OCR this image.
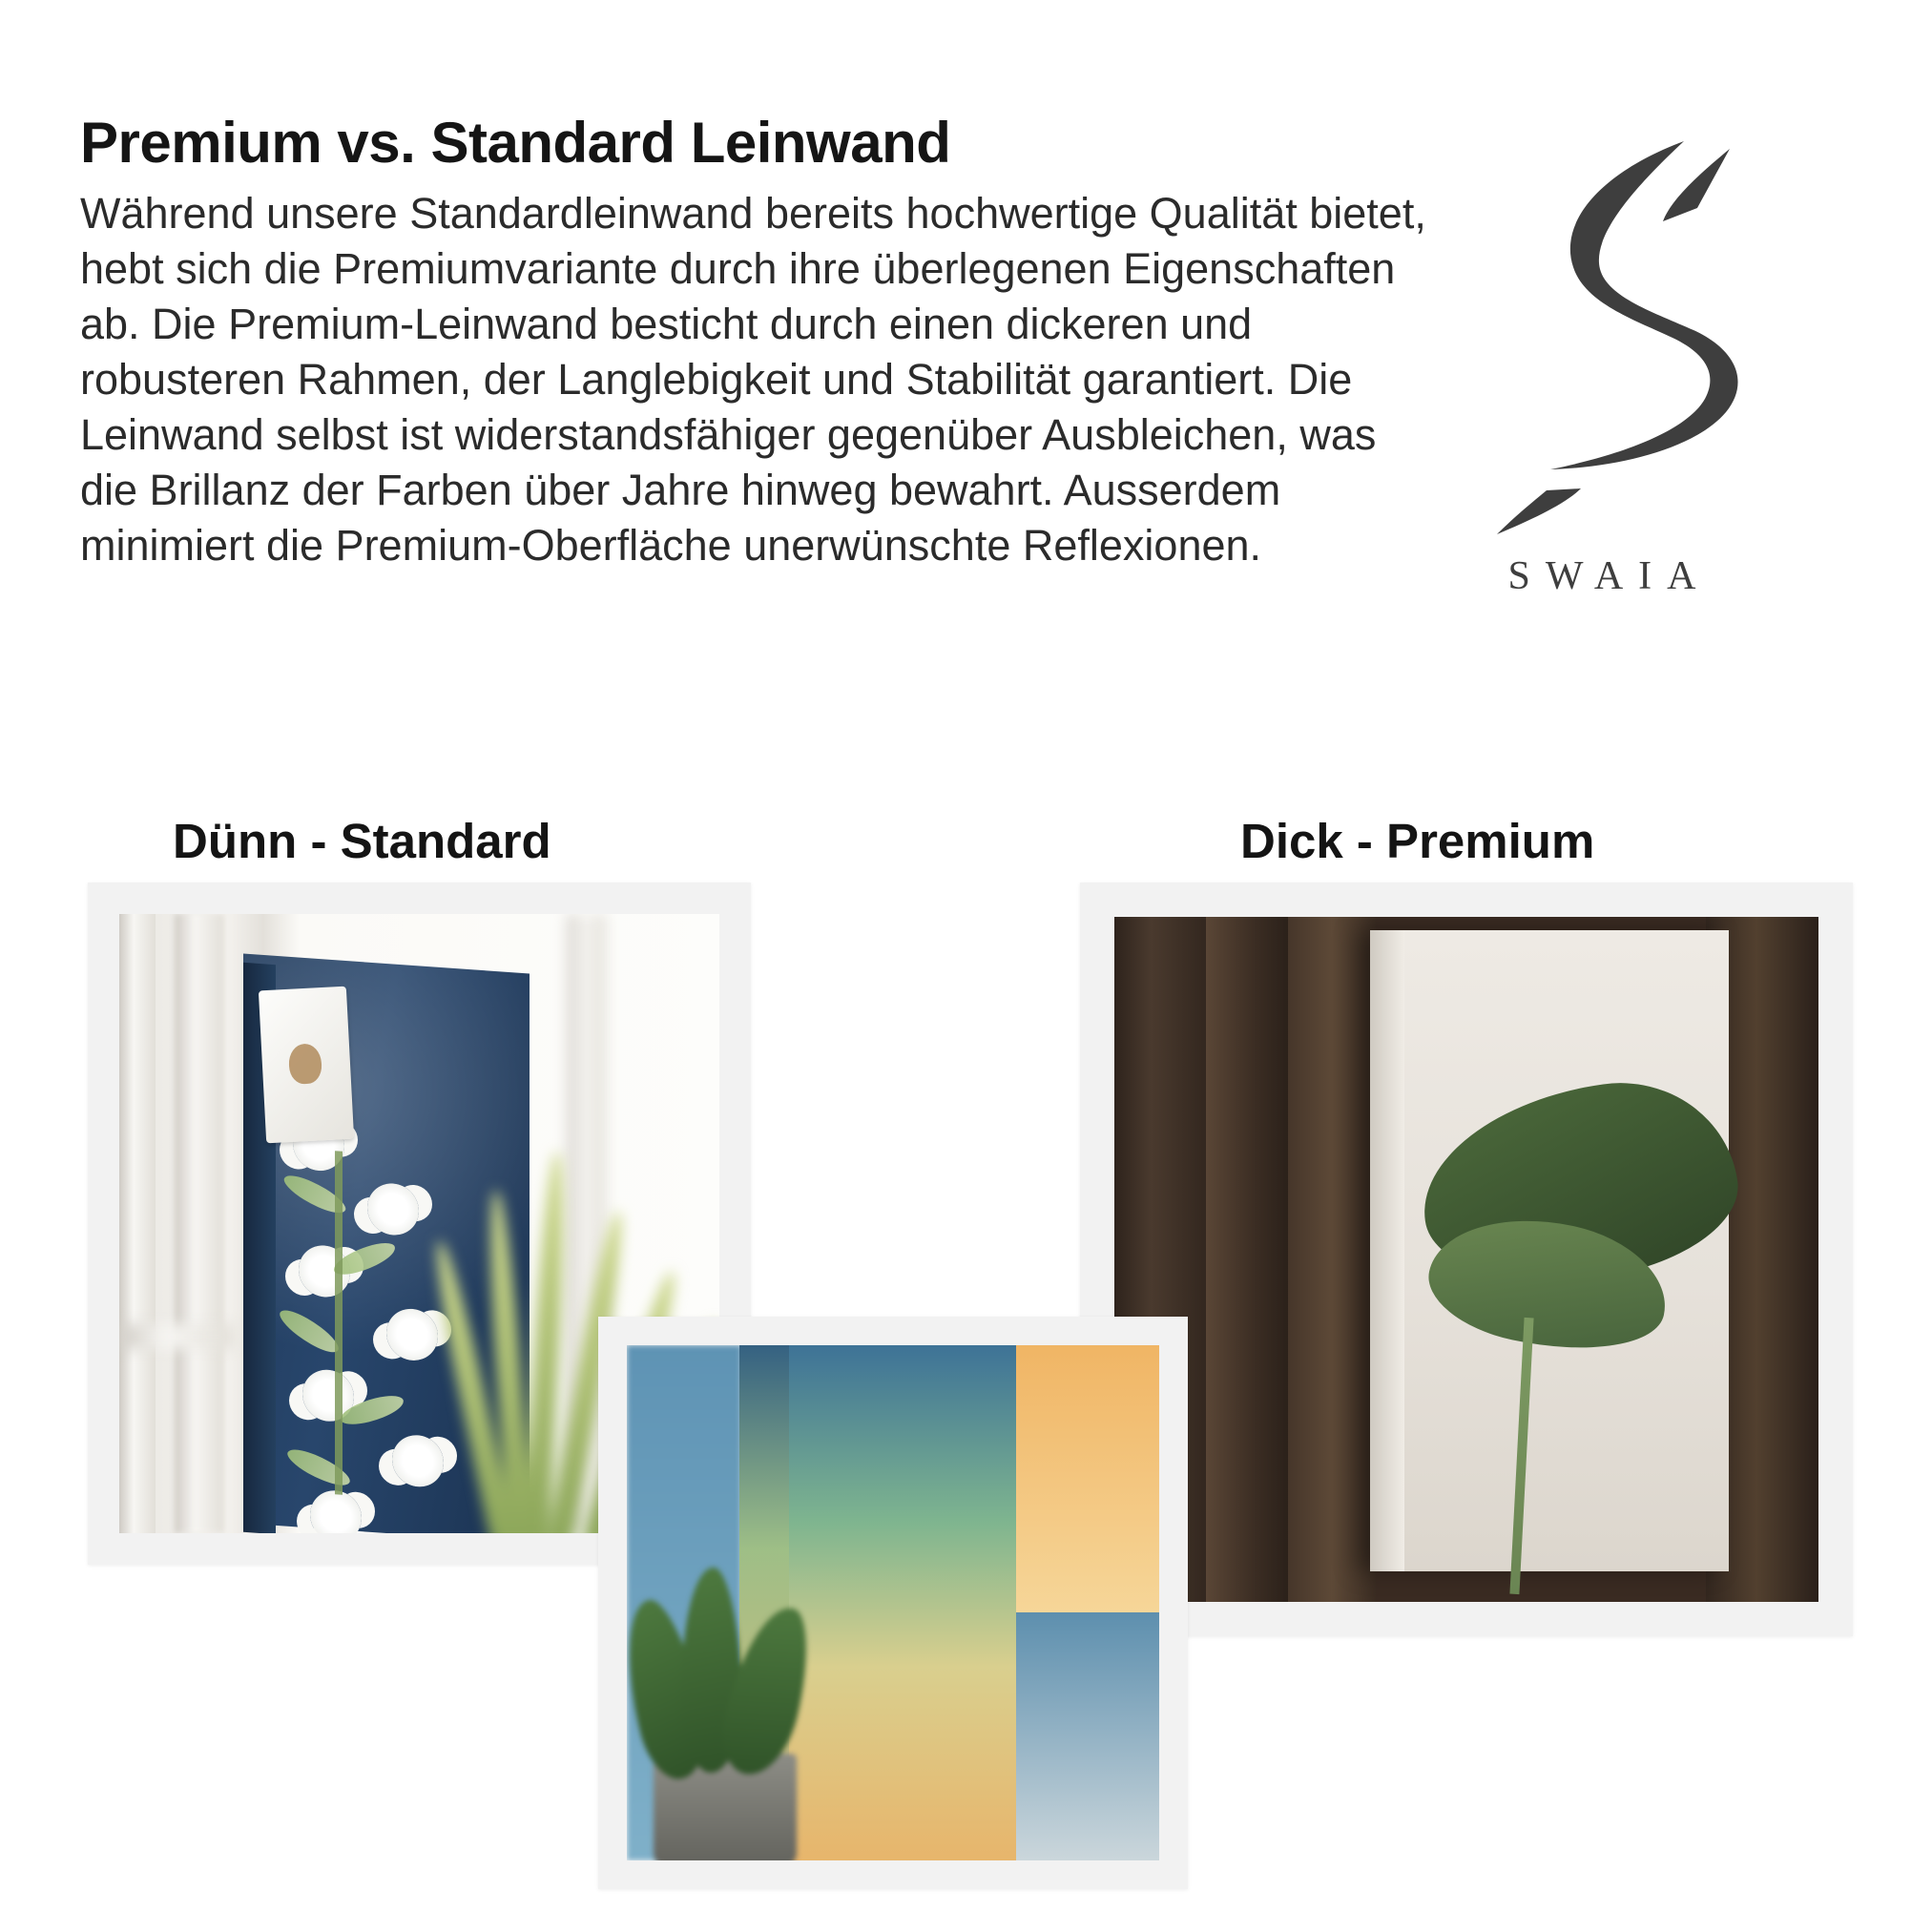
Premium vs. Standard Leinwand

Während unsere Standardleinwand bereits hochwertige Qualität bietet, hebt sich die Premiumvariante durch ihre überlegenen Eigenschaften ab. Die Premium-Leinwand besticht durch einen dickeren und robusteren Rahmen, der Langlebigkeit und Stabilität garantiert. Die Leinwand selbst ist widerstandsfähiger gegenüber Ausbleichen, was die Brillanz der Farben über Jahre hinweg bewahrt. Ausserdem minimiert die Premium-Oberfläche unerwünschte Reflexionen.

SWAIA
Dünn - Standard	Dick - Premium
